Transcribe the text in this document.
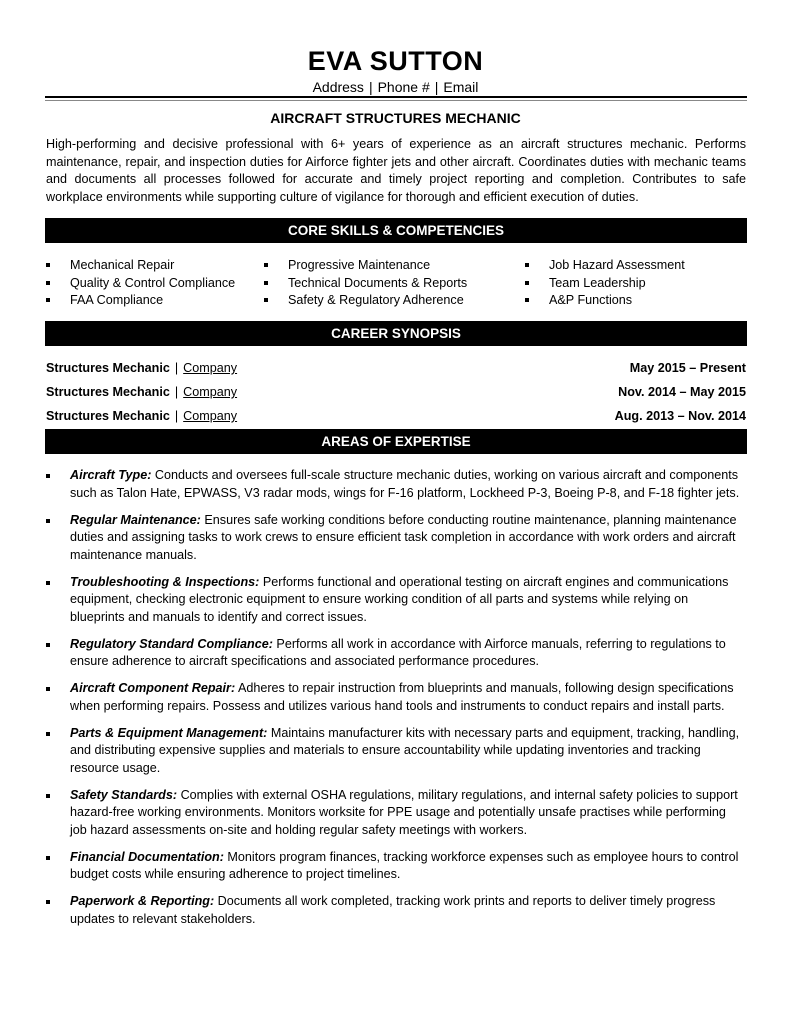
EVA SUTTON
Address | Phone # | Email
AIRCRAFT STRUCTURES MECHANIC

High-performing and decisive professional with 6+ years of experience as an aircraft structures mechanic. Performs maintenance, repair, and inspection duties for Airforce fighter jets and other aircraft. Coordinates duties with mechanic teams and documents all processes followed for accurate and timely project reporting and completion. Contributes to safe workplace environments while supporting culture of vigilance for thorough and efficient execution of duties.

CORE SKILLS & COMPETENCIES
Mechanical Repair
Quality & Control Compliance
FAA Compliance
Progressive Maintenance
Technical Documents & Reports
Safety & Regulatory Adherence
Job Hazard Assessment
Team Leadership
A&P Functions
CAREER SYNOPSIS
Structures Mechanic | Company	May 2015 – Present
Structures Mechanic | Company	Nov. 2014 – May 2015
Structures Mechanic | Company	Aug. 2013 – Nov. 2014
AREAS OF EXPERTISE
Aircraft Type: Conducts and oversees full-scale structure mechanic duties, working on various aircraft and components such as Talon Hate, EPWASS, V3 radar mods, wings for F-16 platform, Lockheed P-3, Boeing P-8, and F-18 fighter jets.
Regular Maintenance: Ensures safe working conditions before conducting routine maintenance, planning maintenance duties and assigning tasks to work crews to ensure efficient task completion in accordance with work orders and aircraft maintenance manuals.
Troubleshooting & Inspections: Performs functional and operational testing on aircraft engines and communications equipment, checking electronic equipment to ensure working condition of all parts and systems while relying on blueprints and manuals to identify and correct issues.
Regulatory Standard Compliance: Performs all work in accordance with Airforce manuals, referring to regulations to ensure adherence to aircraft specifications and associated performance procedures.
Aircraft Component Repair: Adheres to repair instruction from blueprints and manuals, following design specifications when performing repairs. Possess and utilizes various hand tools and instruments to conduct repairs and install parts.
Parts & Equipment Management: Maintains manufacturer kits with necessary parts and equipment, tracking, handling, and distributing expensive supplies and materials to ensure accountability while updating inventories and tracking resource usage.
Safety Standards: Complies with external OSHA regulations, military regulations, and internal safety policies to support hazard-free working environments. Monitors worksite for PPE usage and potentially unsafe practises while performing job hazard assessments on-site and holding regular safety meetings with workers.
Financial Documentation: Monitors program finances, tracking workforce expenses such as employee hours to control budget costs while ensuring adherence to project timelines.
Paperwork & Reporting: Documents all work completed, tracking work prints and reports to deliver timely progress updates to relevant stakeholders.
